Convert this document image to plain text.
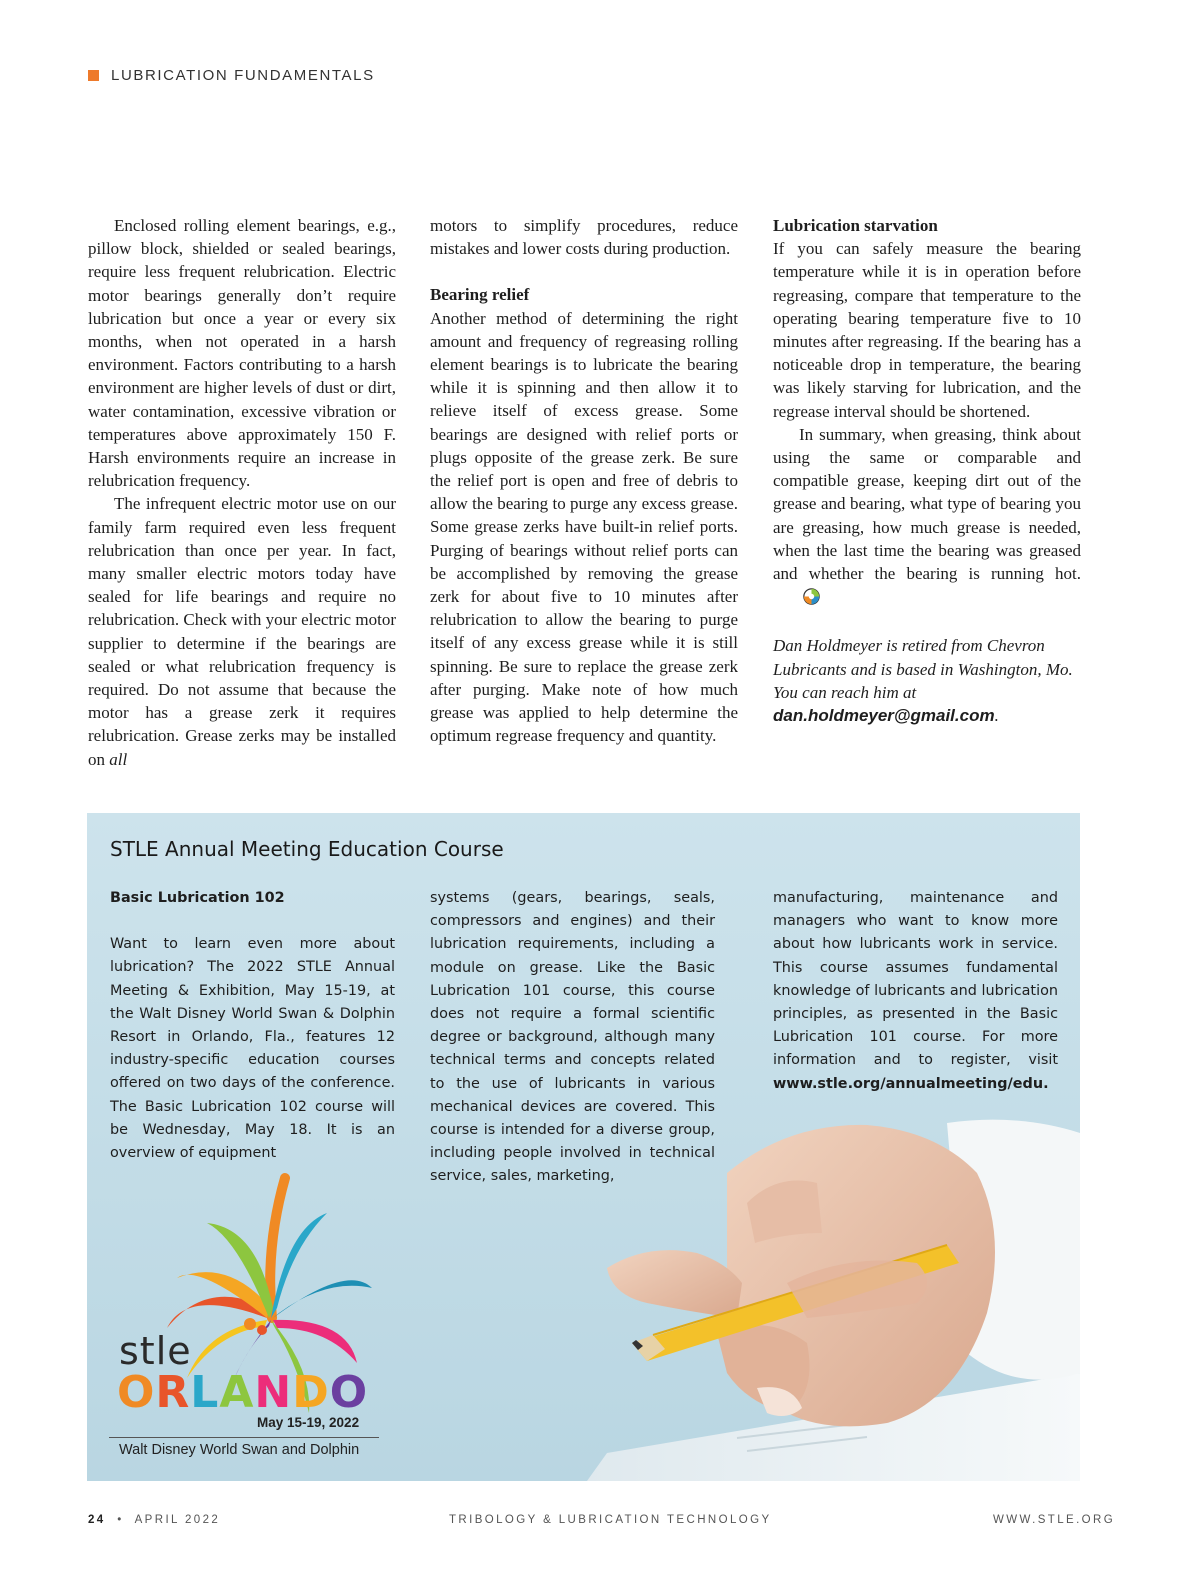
LUBRICATION FUNDAMENTALS

Enclosed rolling element bearings, e.g., pillow block, shielded or sealed bearings, require less frequent relubrication. Electric motor bearings generally don’t require lubrication but once a year or every six months, when not operated in a harsh environment. Factors contributing to a harsh environment are higher levels of dust or dirt, water contamination, excessive vibration or temperatures above approximately 150 F. Harsh environments require an increase in relubrication frequency.

The infrequent electric motor use on our family farm required even less frequent relubrication than once per year. In fact, many smaller electric motors today have sealed for life bearings and require no relubrication. Check with your electric motor supplier to determine if the bearings are sealed or what relubrication frequency is required. Do not assume that because the motor has a grease zerk it requires relubrication. Grease zerks may be installed on all

motors to simplify procedures, reduce mistakes and lower costs during production.

Bearing relief

Another method of determining the right amount and frequency of regreasing rolling element bearings is to lubricate the bearing while it is spinning and then allow it to relieve itself of excess grease. Some bearings are designed with relief ports or plugs opposite of the grease zerk. Be sure the relief port is open and free of debris to allow the bearing to purge any excess grease. Some grease zerks have built-in relief ports. Purging of bearings without relief ports can be accomplished by removing the grease zerk for about five to 10 minutes after relubrication to allow the bearing to purge itself of any excess grease while it is still spinning. Be sure to replace the grease zerk after purging. Make note of how much grease was applied to help determine the optimum regrease frequency and quantity.

Lubrication starvation

If you can safely measure the bearing temperature while it is in operation before regreasing, compare that temperature to the operating bearing temperature five to 10 minutes after regreasing. If the bearing has a noticeable drop in temperature, the bearing was likely starving for lubrication, and the regrease interval should be shortened.

In summary, when greasing, think about using the same or comparable and compatible grease, keeping dirt out of the grease and bearing, what type of bearing you are greasing, how much grease is needed, when the last time the bearing was greased and whether the bearing is running hot.

Dan Holdmeyer is retired from Chevron Lubricants and is based in Washington, Mo. You can reach him at dan.holdmeyer@gmail.com.

STLE Annual Meeting Education Course

Basic Lubrication 102

Want to learn even more about lubrication? The 2022 STLE Annual Meeting & Exhibition, May 15-19, at the Walt Disney World Swan & Dolphin Resort in Orlando, Fla., features 12 industry-specific education courses offered on two days of the conference. The Basic Lubrication 102 course will be Wednesday, May 18. It is an overview of equipment

systems (gears, bearings, seals, compressors and engines) and their lubrication requirements, including a module on grease. Like the Basic Lubrication 101 course, this course does not require a formal scientific degree or background, although many technical terms and concepts related to the use of lubricants in various mechanical devices are covered. This course is intended for a diverse group, including people involved in technical service, sales, marketing,

manufacturing, maintenance and managers who want to know more about how lubricants work in service. This course assumes fundamental knowledge of lubricants and lubrication principles, as presented in the Basic Lubrication 101 course. For more information and to register, visit www.stle.org/annualmeeting/edu.

stle
ORLANDO
May 15-19, 2022
Walt Disney World Swan and Dolphin
24 • APRIL 2022	TRIBOLOGY & LUBRICATION TECHNOLOGY	WWW.STLE.ORG
